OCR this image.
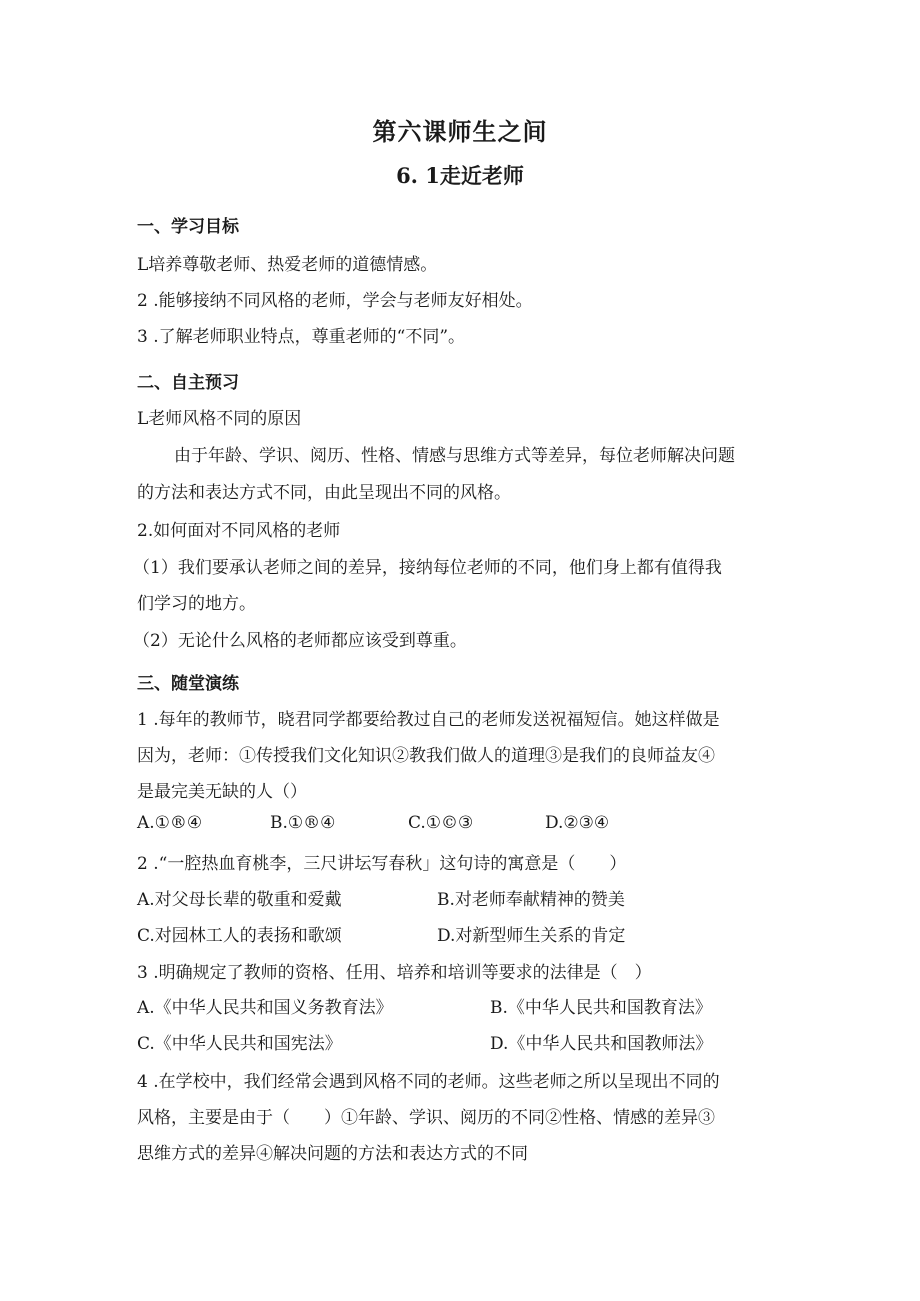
第六课师生之间
6. 1走近老师
一、学习目标
L培养尊敬老师、热爱老师的道德情感。
2 .能够接纳不同风格的老师，学会与老师友好相处。
3 .了解老师职业特点，尊重老师的“不同”。
二、自主预习
L老师风格不同的原因
由于年龄、学识、阅历、性格、情感与思维方式等差异，每位老师解决问题
的方法和表达方式不同，由此呈现出不同的风格。
2.如何面对不同风格的老师
（1）我们要承认老师之间的差异，接纳每位老师的不同，他们身上都有值得我
们学习的地方。
（2）无论什么风格的老师都应该受到尊重。
三、随堂演练
1 .每年的教师节，晓君同学都要给教过自己的老师发送祝福短信。她这样做是
因为，老师：①传授我们文化知识②教我们做人的道理③是我们的良师益友④
是最完美无缺的人（）
A.①®④	B.①®④	C.①©③	D.②③④
2 .“一腔热血育桃李，三尺讲坛写春秋」这句诗的寓意是（　　）
A.对父母长辈的敬重和爱戴	B.对老师奉献精神的赞美
C.对园林工人的表扬和歌颂	D.对新型师生关系的肯定
3 .明确规定了教师的资格、任用、培养和培训等要求的法律是（　）
A.《中华人民共和国义务教育法》	B.《中华人民共和国教育法》
C.《中华人民共和国宪法》	D.《中华人民共和国教师法》
4 .在学校中，我们经常会遇到风格不同的老师。这些老师之所以呈现出不同的
风格，主要是由于（　　）①年龄、学识、阅历的不同②性格、情感的差异③
思维方式的差异④解决问题的方法和表达方式的不同
